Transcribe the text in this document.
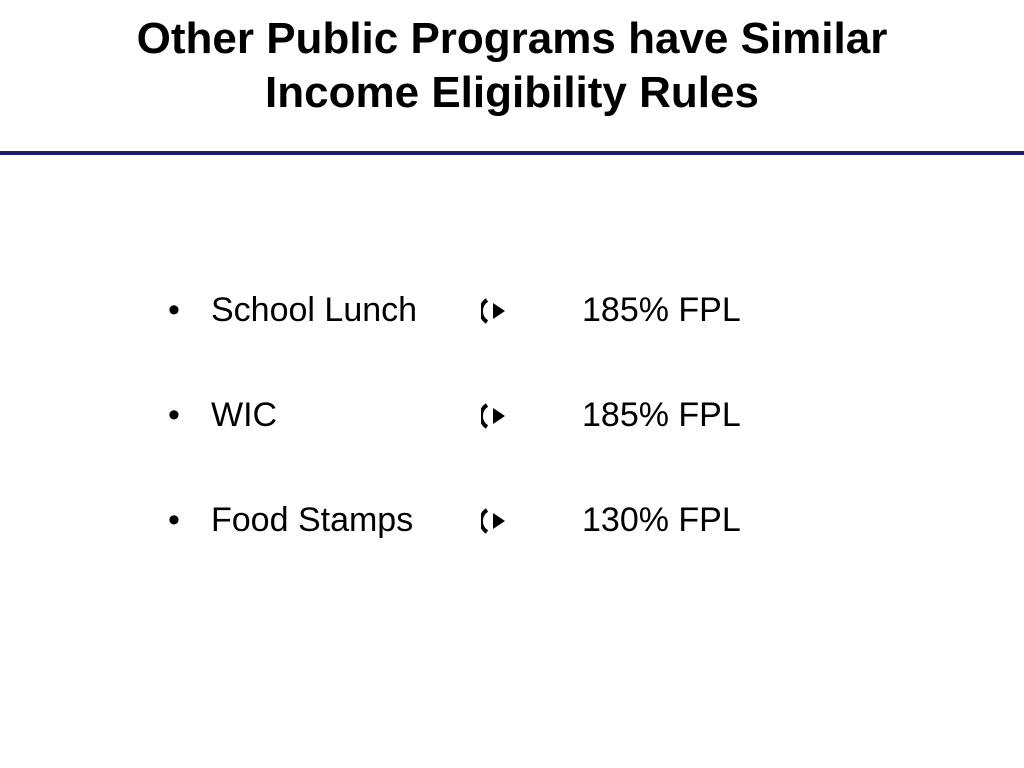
Other Public Programs have Similar
Income Eligibility Rules
• School Lunch	185% FPL
• WIC	185% FPL
• Food Stamps	130% FPL
